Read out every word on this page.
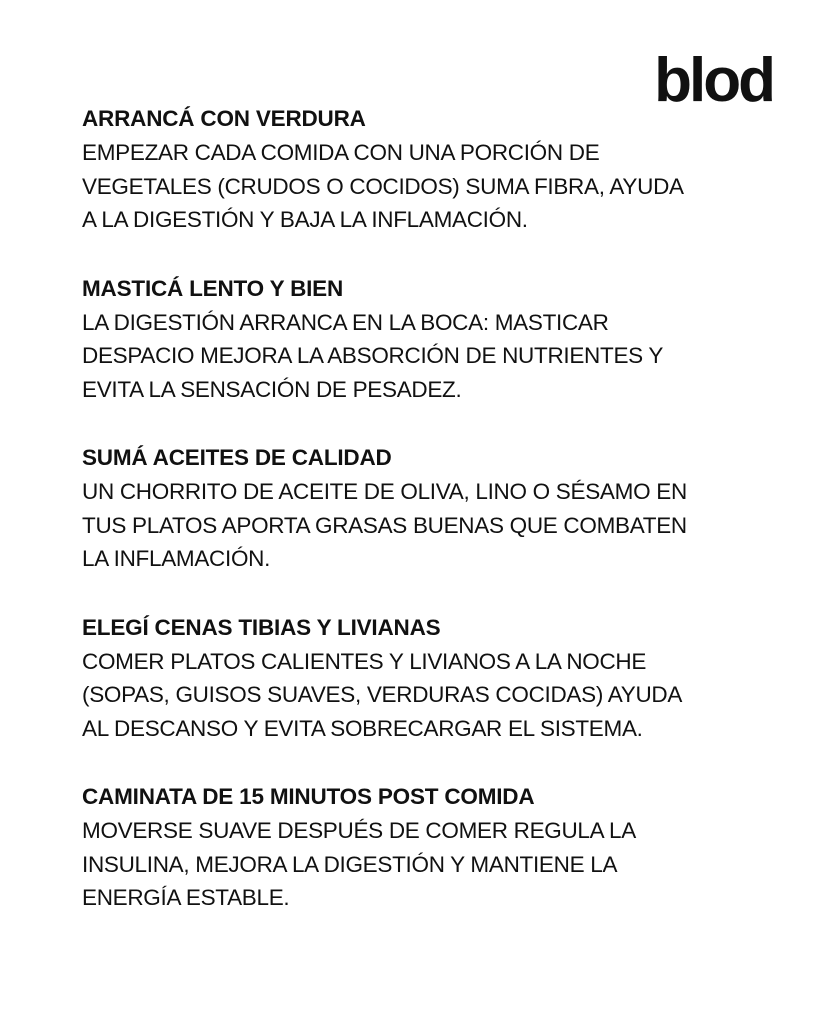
blod

ARRANCÁ CON VERDURA

EMPEZAR CADA COMIDA CON UNA PORCIÓN DE
VEGETALES (CRUDOS O COCIDOS) SUMA FIBRA, AYUDA
A LA DIGESTIÓN Y BAJA LA INFLAMACIÓN.

MASTICÁ LENTO Y BIEN

LA DIGESTIÓN ARRANCA EN LA BOCA: MASTICAR
DESPACIO MEJORA LA ABSORCIÓN DE NUTRIENTES Y
EVITA LA SENSACIÓN DE PESADEZ.

SUMÁ ACEITES DE CALIDAD

UN CHORRITO DE ACEITE DE OLIVA, LINO O SÉSAMO EN
TUS PLATOS APORTA GRASAS BUENAS QUE COMBATEN
LA INFLAMACIÓN.

ELEGÍ CENAS TIBIAS Y LIVIANAS

COMER PLATOS CALIENTES Y LIVIANOS A LA NOCHE
(SOPAS, GUISOS SUAVES, VERDURAS COCIDAS) AYUDA
AL DESCANSO Y EVITA SOBRECARGAR EL SISTEMA.

CAMINATA DE 15 MINUTOS POST COMIDA

MOVERSE SUAVE DESPUÉS DE COMER REGULA LA
INSULINA, MEJORA LA DIGESTIÓN Y MANTIENE LA
ENERGÍA ESTABLE.
